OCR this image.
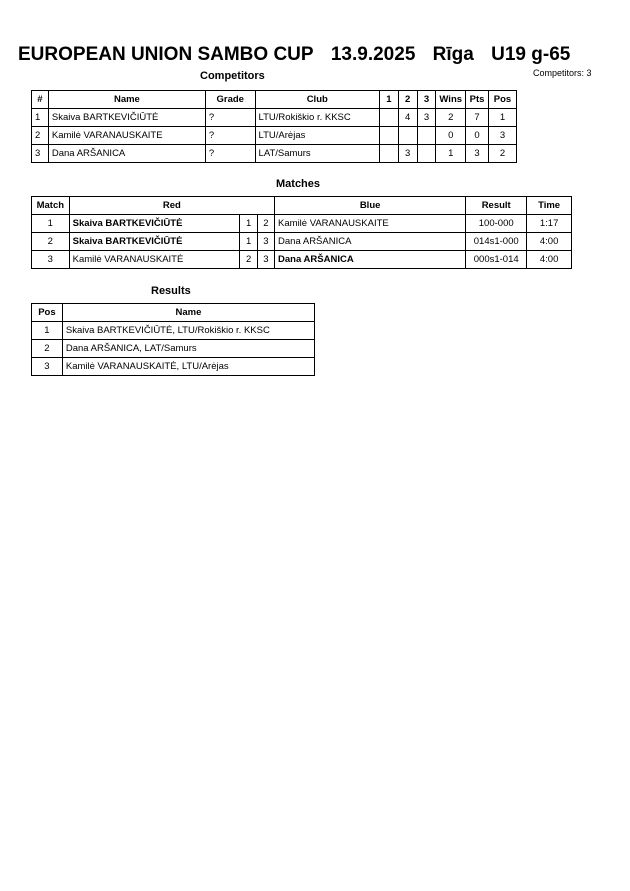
EUROPEAN UNION SAMBO CUP 13.9.2025 Rīga U19 g-65
Competitors: 3
Competitors
#	Name	Grade	Club	1	2	3	Wins	Pts	Pos
1	Skaiva BARTKEVIČIŪTĖ	?	LTU/Rokiškio r. KKSC		4	3	2	7	1
2	Kamilė VARANAUSKAITE	?	LTU/Arėjas				0	0	3
3	Dana ARŠANICA	?	LAT/Samurs		3		1	3	2
Matches
Match	Red			Blue	Result	Time
1	Skaiva BARTKEVIČIŪTĖ	1	2	Kamilė VARANAUSKAITE	100-000	1:17
2	Skaiva BARTKEVIČIŪTĖ	1	3	Dana ARŠANICA	014s1-000	4:00
3	Kamilė VARANAUSKAITĖ	2	3	Dana ARŠANICA	000s1-014	4:00
Results
Pos	Name
1	Skaiva BARTKEVIČIŪTĖ, LTU/Rokiškio r. KKSC
2	Dana ARŠANICA, LAT/Samurs
3	Kamilė VARANAUSKAITĖ, LTU/Arėjas
